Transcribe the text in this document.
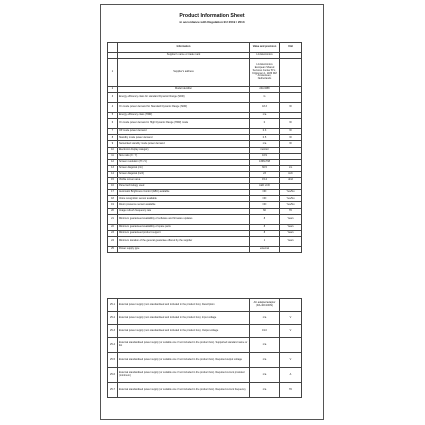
Product Information Sheet
in accordance with Regulation EU 2019 / 2013
	Information	Value and precision	Unit
	Supplier's name or trade mark	LG Electronics	
1	Supplier's address	LG Electronics European Shared Services Center B.V., Krijgsman 1, 1186 DM Amstelveen, Netherlands	
2	Model identifier	24LN458	
3	Energy efficiency class for standard Dynamic Range (SDR)	G	
4	On mode power demand for Standard Dynamic Range (SDR)	18.3	W
5	Energy efficiency class (HDR)	n/a	
6	On mode power demand in High Dynamic Range (HDR) mode	0	W
7	Off mode power demand	0.3	W
8	Standby mode power demand	0.5	W
9	Networked standby mode power demand	n/a	W
10	Electronic display category	monitor	
11	Size ratio (X : Y)	16:9	
12	Screen resolution (H x V)	1366x768	
13	Screen diagonal (cm)	60.5	cm
14	Screen diagonal (inch)	23	inch
15	Visible screen area	15.4	dm2
16	Panel technology used	LED LCD	
17	Automatic Brightness Control (ABC) available	NO	Yes/No
18	Voice recognition sensor available	NO	Yes/No
19	Room presence sensor available	NO	Yes/No
20	Image refresh frequency rate	60	Hz
21	Minimum guaranteed availability of software and firmware updates	8	Years
22	Minimum guaranteed availability of spare parts	8	Years
23	Minimum guaranteed product support	8	Years
24	Minimum duration of the general guarantee offered by the supplier	1	Years
25	Power supply type	external	
25-1	External power supply (non standardised and included in the product box). Description	AC adapter/adaptor (DA-40C10DS)	
25-2	External power supply (non standardised and included in the product box). Input voltage	n/a	V
25-3	External power supply (non standardised and included in the product box). Output voltage	19.0	V
25-4	External standardised power supply (or suitable one if not included in the product box). Supported standard name or list	n/a	
25-5	External standardised power supply (or suitable one if not included in the product box). Required output voltage	n/a	V
25-6	External standardised power supply (or suitable one if not included in the product box). Required current provided (minimum)	n/a	A
25-7	External standardised power supply (or suitable one if not included in the product box). Required current frequency	n/a	Hz
